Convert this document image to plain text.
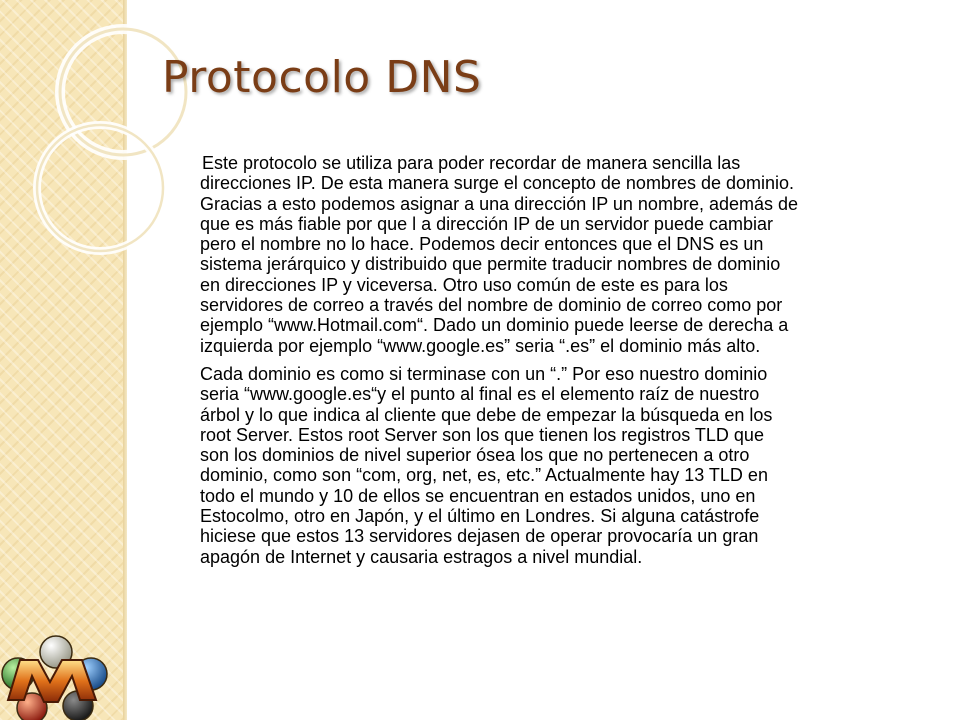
Protocolo DNS

Este protocolo se utiliza para poder recordar de manera sencilla las
direcciones IP. De esta manera surge el concepto de nombres de dominio.
Gracias a esto podemos asignar a una dirección IP un nombre, además de
que es más fiable por que l a dirección IP de un servidor puede cambiar
pero el nombre no lo hace. Podemos decir entonces que el DNS es un
sistema jerárquico y distribuido que permite traducir nombres de dominio
en direcciones IP y viceversa. Otro uso común de este es para los
servidores de correo a través del nombre de dominio de correo como por
ejemplo “www.Hotmail.com“. Dado un dominio puede leerse de derecha a
izquierda por ejemplo “www.google.es” seria “.es” el dominio más alto.

Cada dominio es como si terminase con un “.” Por eso nuestro dominio
seria “www.google.es“y el punto al final es el elemento raíz de nuestro
árbol y lo que indica al cliente que debe de empezar la búsqueda en los
root Server. Estos root Server son los que tienen los registros TLD que
son los dominios de nivel superior ósea los que no pertenecen a otro
dominio, como son “com, org, net, es, etc.” Actualmente hay 13 TLD en
todo el mundo y 10 de ellos se encuentran en estados unidos, uno en
Estocolmo, otro en Japón, y el último en Londres. Si alguna catástrofe
hiciese que estos 13 servidores dejasen de operar provocaría un gran
apagón de Internet y causaria estragos a nivel mundial.
